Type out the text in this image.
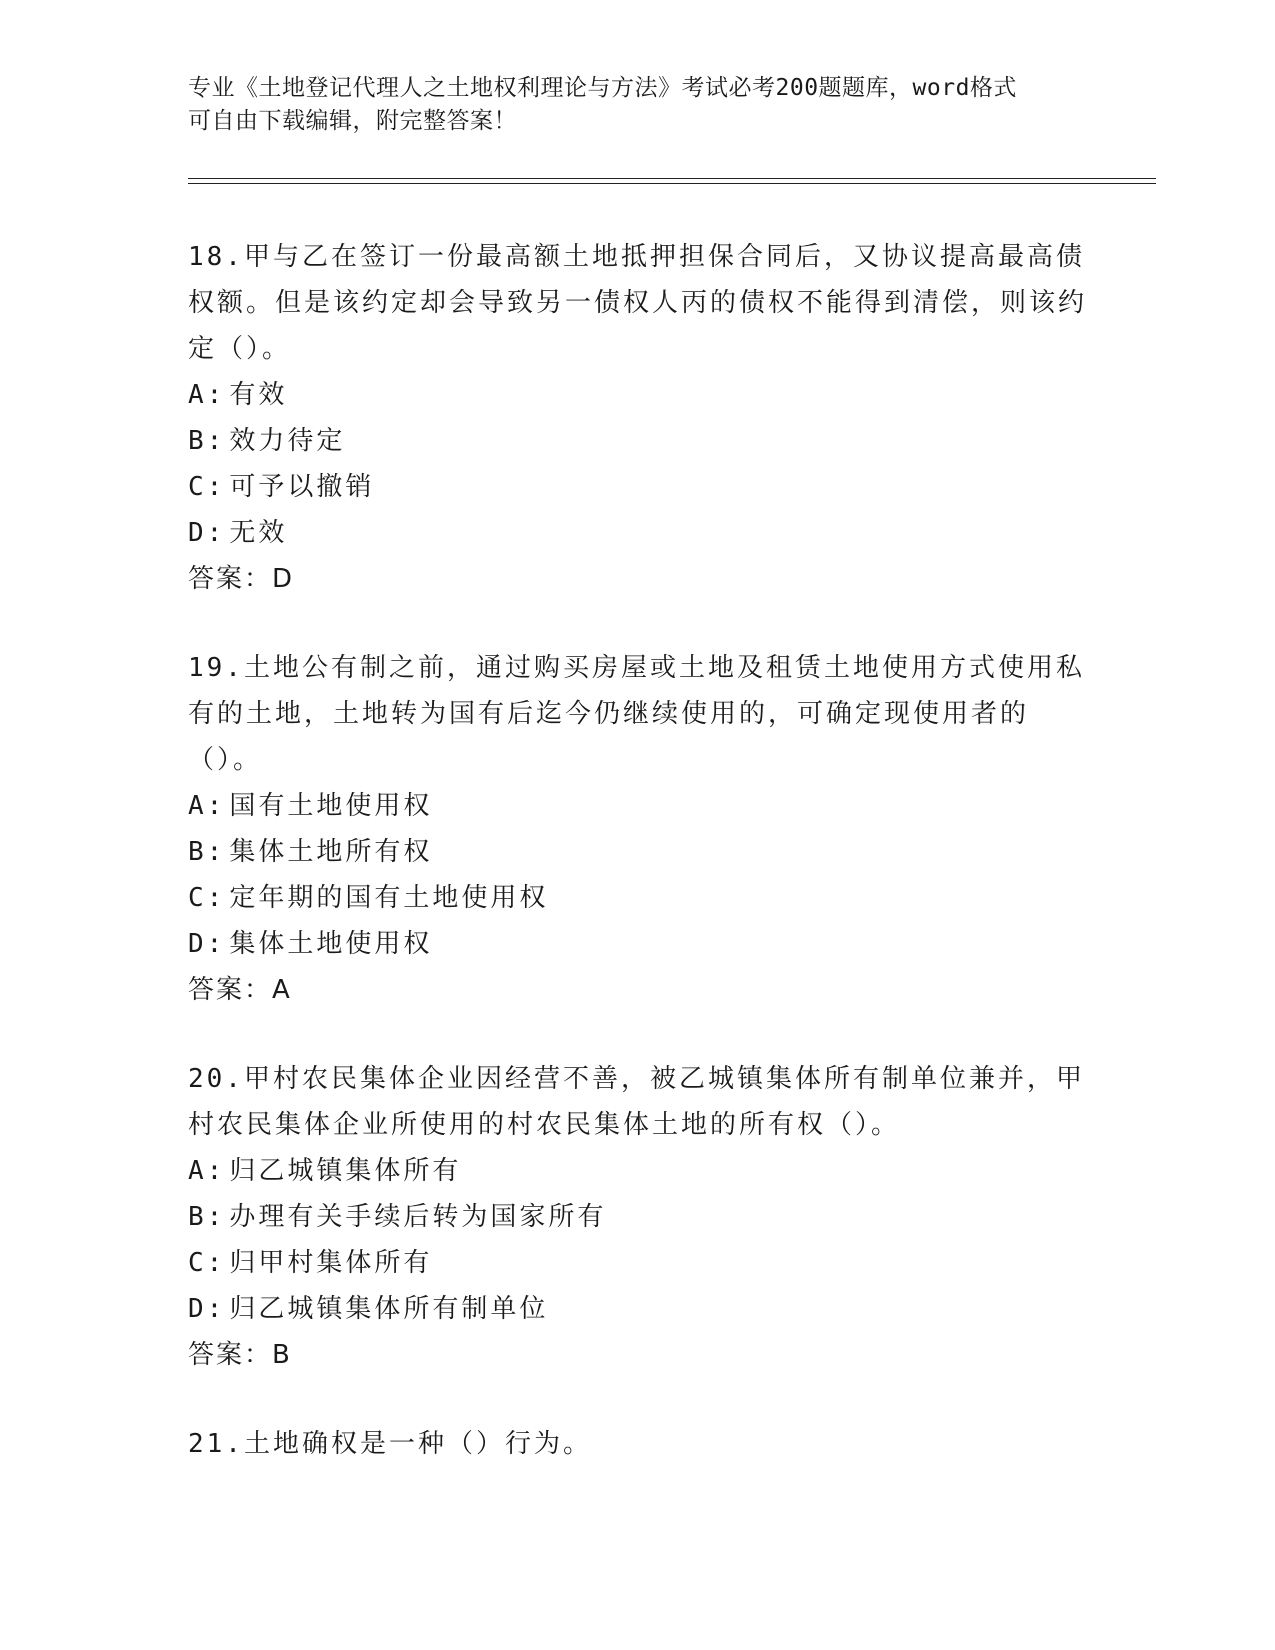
专业《土地登记代理人之土地权利理论与方法》考试必考200题题库，word格式
可自由下载编辑，附完整答案！

18.甲与乙在签订一份最高额土地抵押担保合同后，又协议提高最高债权额。但是该约定却会导致另一债权人丙的债权不能得到清偿，则该约定（）。

A: 有效

B: 效力待定

C: 可予以撤销

D: 无效

答案：D

19.土地公有制之前，通过购买房屋或土地及租赁土地使用方式使用私有的土地，土地转为国有后迄今仍继续使用的，可确定现使用者的（）。

A: 国有土地使用权

B: 集体土地所有权

C: 定年期的国有土地使用权

D: 集体土地使用权

答案：A

20.甲村农民集体企业因经营不善，被乙城镇集体所有制单位兼并，甲村农民集体企业所使用的村农民集体土地的所有权（）。

A: 归乙城镇集体所有

B: 办理有关手续后转为国家所有

C: 归甲村集体所有

D: 归乙城镇集体所有制单位

答案：B

21.土地确权是一种（）行为。
